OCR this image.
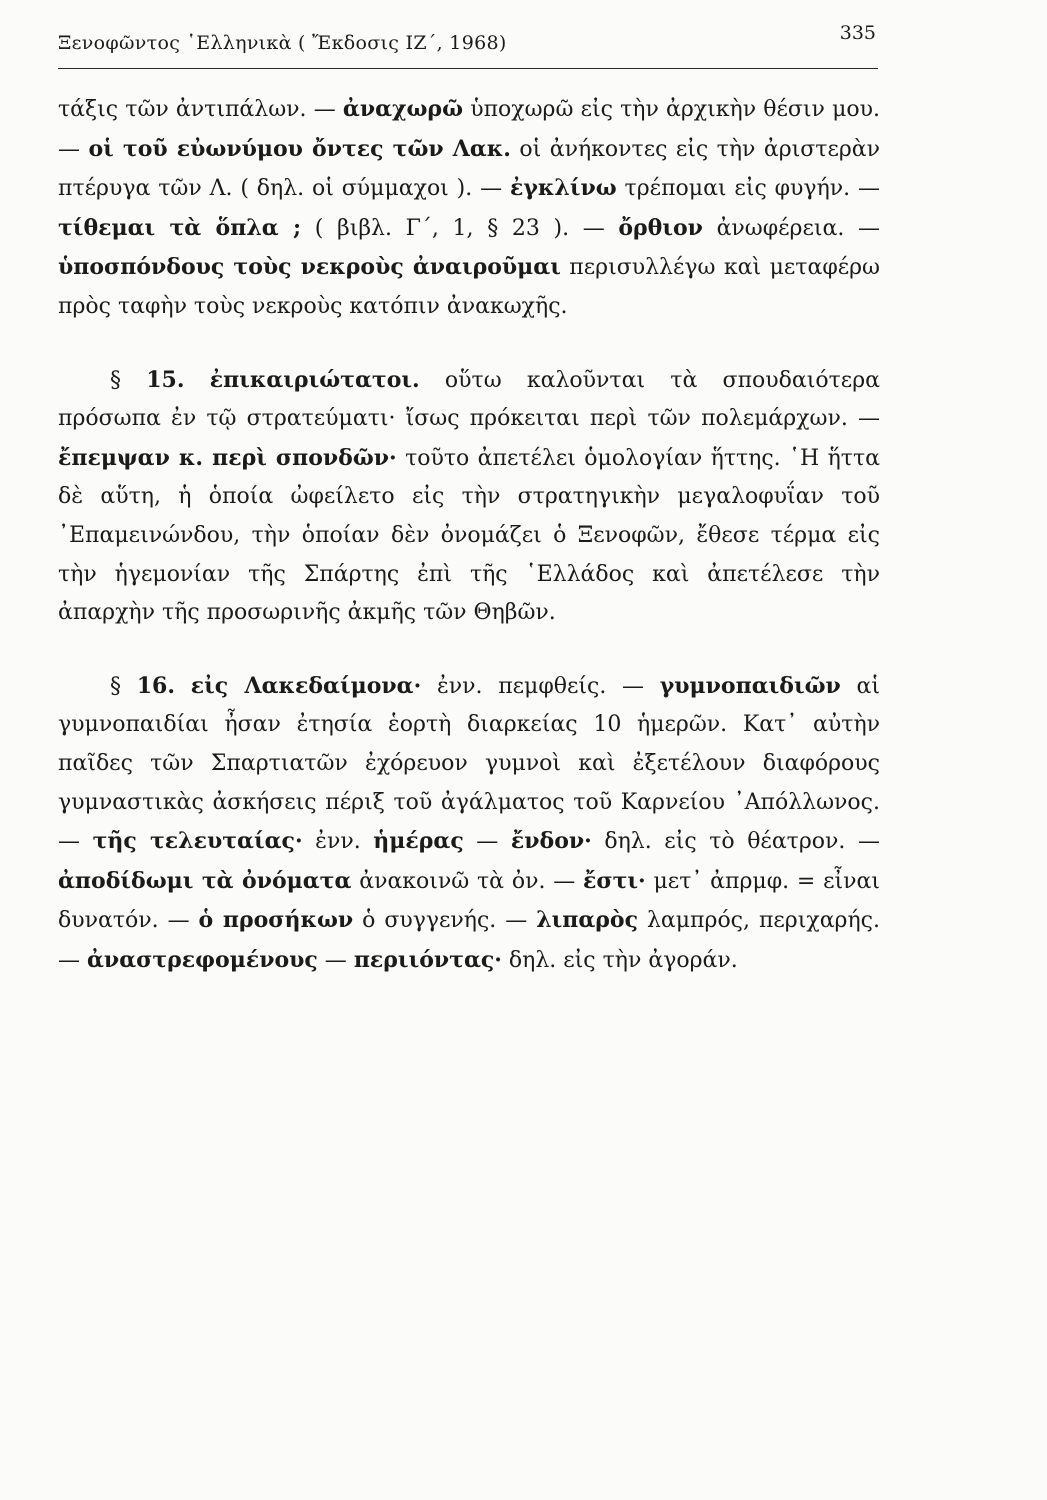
Ξενοφῶντος ῾Ελληνικὰ ( Ἔκδοσις ΙΖ΄, 1968)	335

τάξις τῶν ἀντιπάλων. — ἀναχωρῶ ὑποχωρῶ εἰς τὴν ἀρχικὴν θέσιν μου. — οἱ τοῦ εὐωνύμου ὄντες τῶν Λακ. οἱ ἀνήκοντες εἰς τὴν ἀριστερὰν πτέρυγα τῶν Λ. ( δηλ. οἱ σύμμαχοι ). — ἐγκλίνω τρέπομαι εἰς φυγήν. — τίθεμαι τὰ ὅπλα ; ( βιβλ. Γ΄, 1, § 23 ). — ὄρθιον ἀνωφέρεια. — ὑποσπόνδους τοὺς νεκροὺς ἀναιροῦμαι περισυλλέγω καὶ μεταφέρω πρὸς ταφὴν τοὺς νεκροὺς κατόπιν ἀνακωχῆς.

§ 15. ἐπικαιριώτατοι. οὕτω καλοῦνται τὰ σπουδαιότερα πρόσωπα ἐν τῷ στρατεύματι· ἴσως πρόκειται περὶ τῶν πολεμάρχων. — ἔπεμψαν κ. περὶ σπονδῶν· τοῦτο ἀπετέλει ὁμολογίαν ἥττης. ῾Η ἥττα δὲ αὕτη, ἡ ὁποία ὠφείλετο εἰς τὴν στρατηγικὴν μεγαλοφυΐαν τοῦ ᾿Επαμεινώνδου, τὴν ὁποίαν δὲν ὀνομάζει ὁ Ξενοφῶν, ἔθεσε τέρμα εἰς τὴν ἡγεμονίαν τῆς Σπάρτης ἐπὶ τῆς ῾Ελλάδος καὶ ἀπετέλεσε τὴν ἀπαρχὴν τῆς προσωρινῆς ἀκμῆς τῶν Θηβῶν.

§ 16. εἰς Λακεδαίμονα· ἐνν. πεμφθείς. — γυμνοπαιδιῶν αἱ γυμνοπαιδίαι ἦσαν ἐτησία ἑορτὴ διαρκείας 10 ἡμερῶν. Κατ᾿ αὐτὴν παῖδες τῶν Σπαρτιατῶν ἐχόρευον γυμνοὶ καὶ ἐξετέλουν διαφόρους γυμναστικὰς ἀσκήσεις πέριξ τοῦ ἀγάλματος τοῦ Καρνείου ᾿Απόλλωνος.— τῆς τελευταίας· ἐνν. ἡμέρας — ἔνδον· δηλ. εἰς τὸ θέατρον. — ἀποδίδωμι τὰ ὀνόματα ἀνακοινῶ τὰ ὀν. — ἔστι· μετ᾿ ἀπρμφ. = εἶναι δυνατόν. — ὁ προσήκων ὁ συγγενής. — λιπαρὸς λαμπρός, περιχαρής. — ἀναστρεφομένους — περιιόντας· δηλ. εἰς τὴν ἀγοράν.
